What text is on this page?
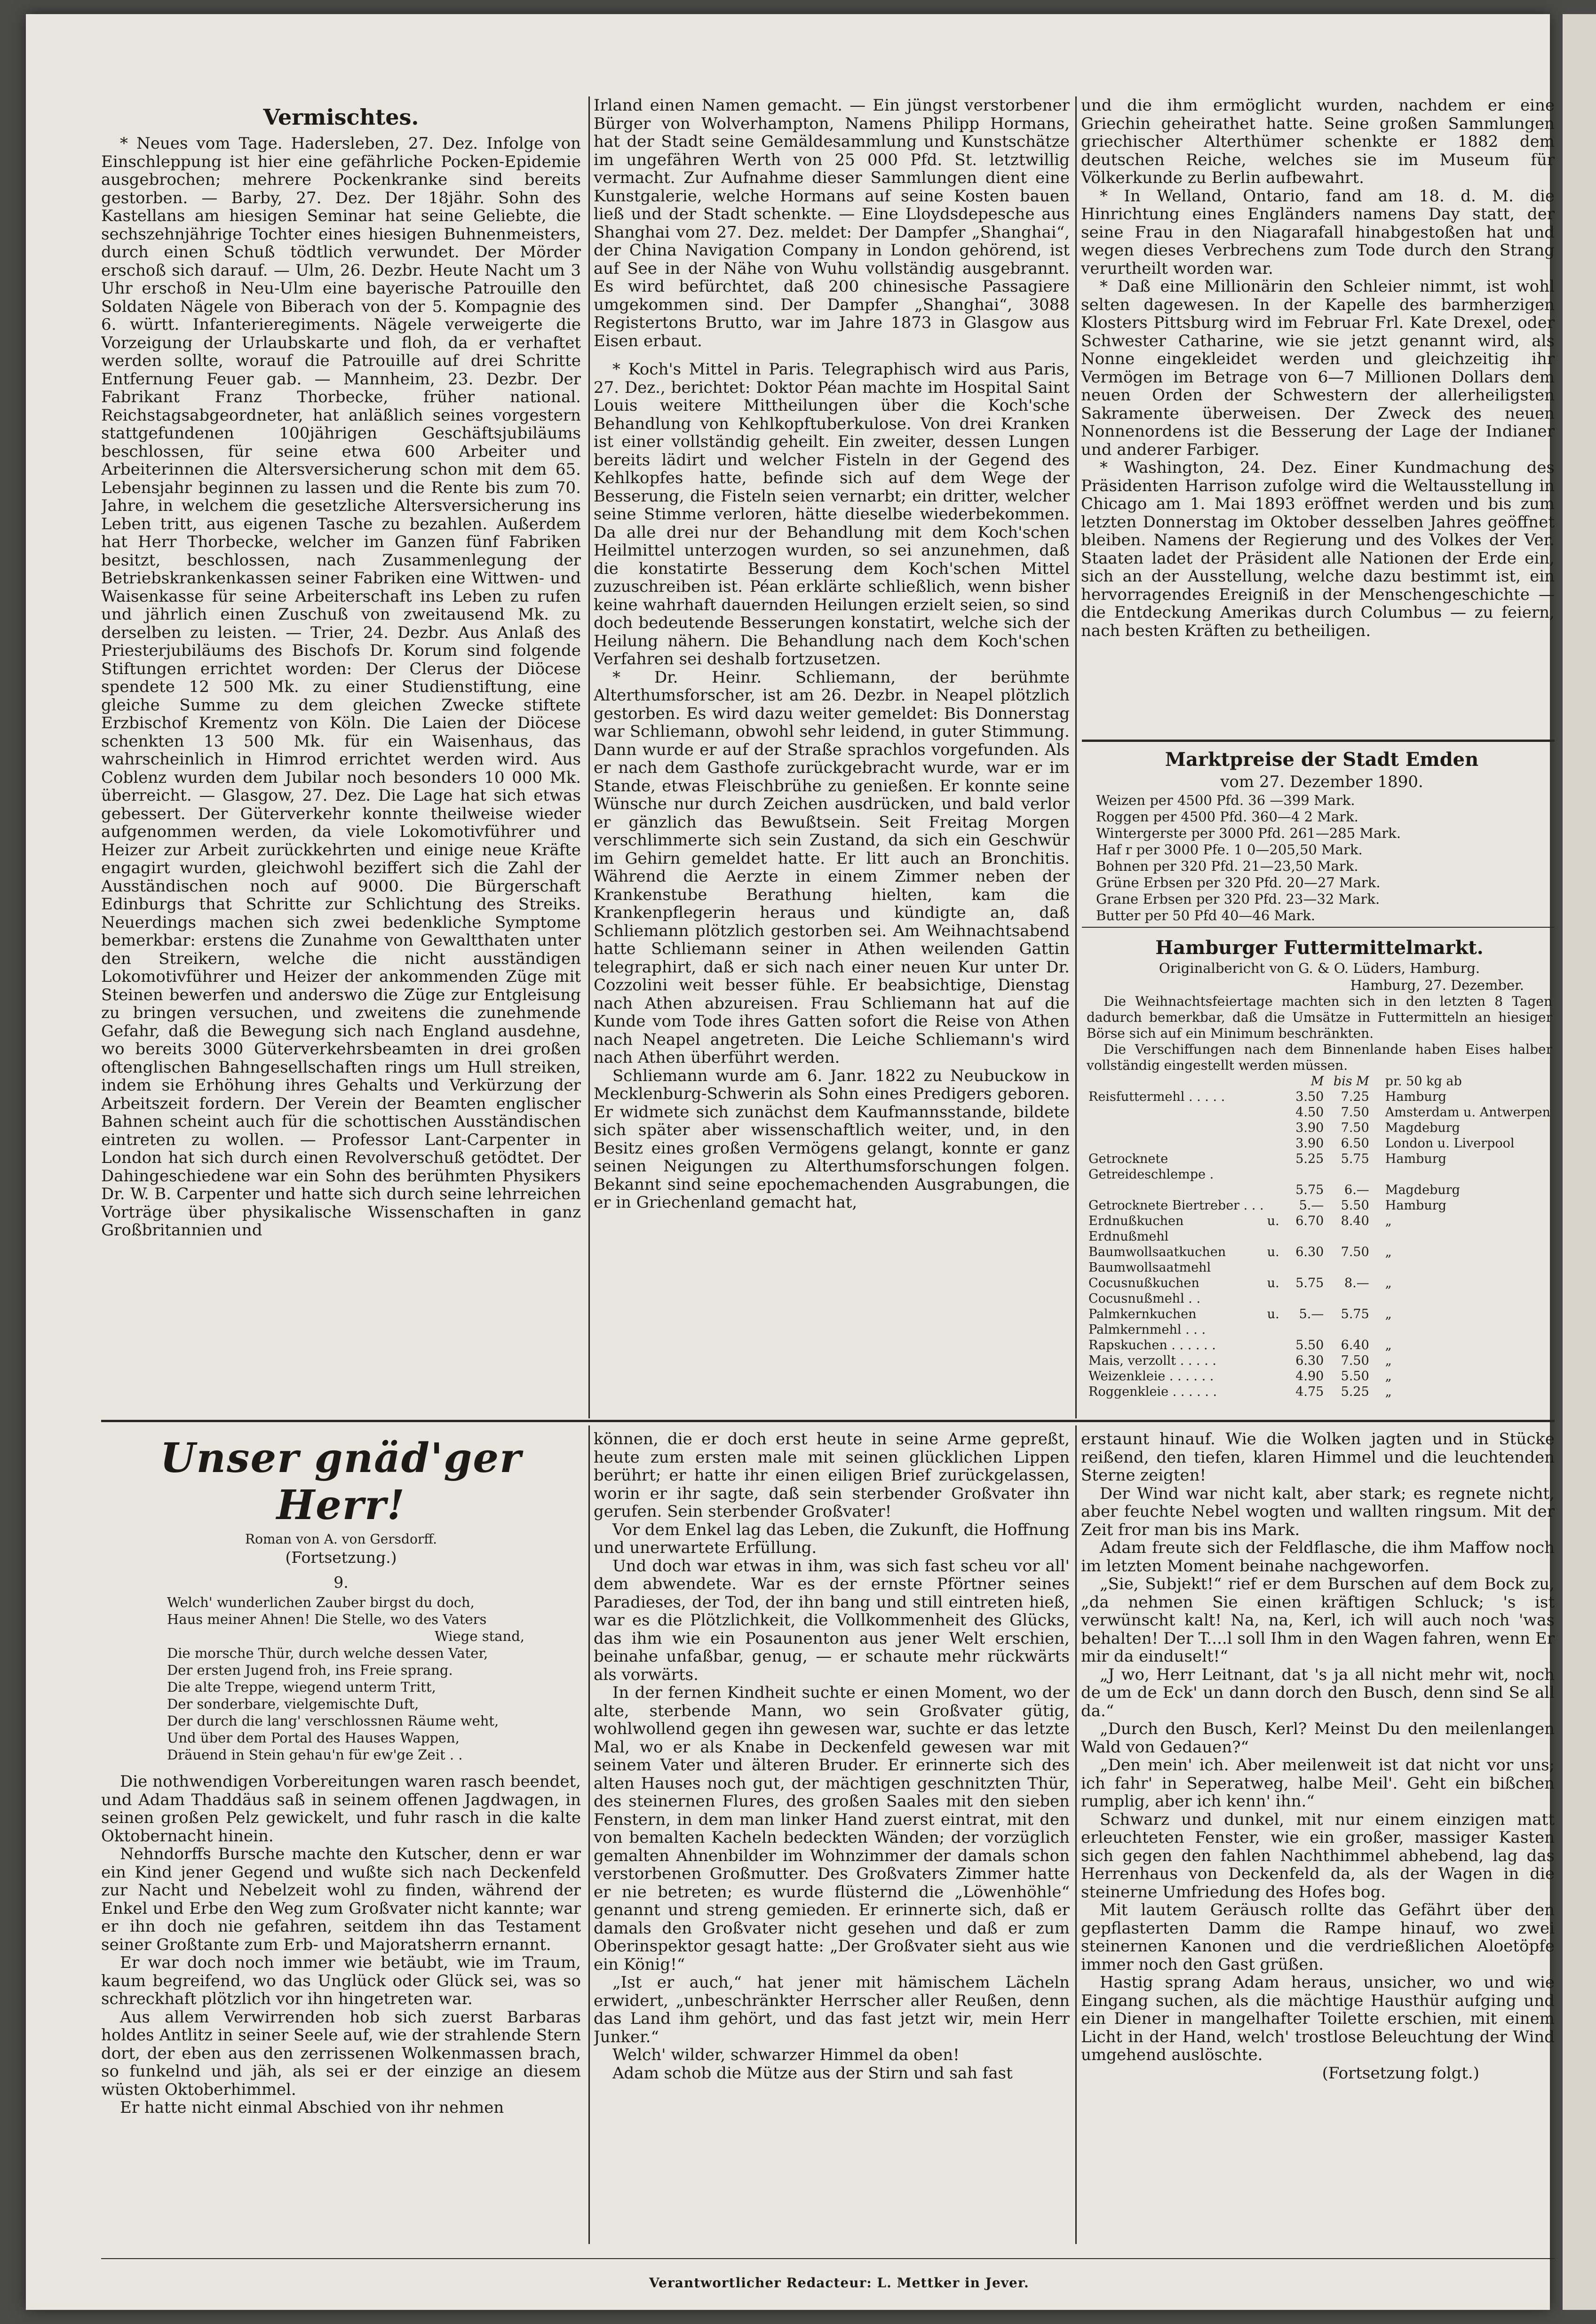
Vermischtes.

* Neues vom Tage. Hadersleben, 27. Dez. Infolge von Einschleppung ist hier eine gefährliche Pocken-Epidemie ausgebrochen; mehrere Pockenkranke sind bereits gestorben. — Barby, 27. Dez. Der 18jähr. Sohn des Kastellans am hiesigen Seminar hat seine Geliebte, die sechszehnjährige Tochter eines hiesigen Buhnenmeisters, durch einen Schuß tödtlich verwundet. Der Mörder erschoß sich darauf. — Ulm, 26. Dezbr. Heute Nacht um 3 Uhr erschoß in Neu-Ulm eine bayerische Patrouille den Soldaten Nägele von Biberach von der 5. Kompagnie des 6. württ. Infanterieregiments. Nägele verweigerte die Vorzeigung der Urlaubskarte und floh, da er verhaftet werden sollte, worauf die Patrouille auf drei Schritte Entfernung Feuer gab. — Mannheim, 23. Dezbr. Der Fabrikant Franz Thorbecke, früher national. Reichstagsabgeordneter, hat anläßlich seines vorgestern stattgefundenen 100jährigen Geschäftsjubiläums beschlossen, für seine etwa 600 Arbeiter und Arbeiterinnen die Altersversicherung schon mit dem 65. Lebensjahr beginnen zu lassen und die Rente bis zum 70. Jahre, in welchem die gesetzliche Altersversicherung ins Leben tritt, aus eigenen Tasche zu bezahlen. Außerdem hat Herr Thorbecke, welcher im Ganzen fünf Fabriken besitzt, beschlossen, nach Zusammenlegung der Betriebskrankenkassen seiner Fabriken eine Wittwen- und Waisenkasse für seine Arbeiterschaft ins Leben zu rufen und jährlich einen Zuschuß von zweitausend Mk. zu derselben zu leisten. — Trier, 24. Dezbr. Aus Anlaß des Priesterjubiläums des Bischofs Dr. Korum sind folgende Stiftungen errichtet worden: Der Clerus der Diöcese spendete 12 500 Mk. zu einer Studienstiftung, eine gleiche Summe zu dem gleichen Zwecke stiftete Erzbischof Krementz von Köln. Die Laien der Diöcese schenkten 13 500 Mk. für ein Waisenhaus, das wahrscheinlich in Himrod errichtet werden wird. Aus Coblenz wurden dem Jubilar noch besonders 10 000 Mk. überreicht. — Glasgow, 27. Dez. Die Lage hat sich etwas gebessert. Der Güterverkehr konnte theilweise wieder aufgenommen werden, da viele Lokomotivführer und Heizer zur Arbeit zurückkehrten und einige neue Kräfte engagirt wurden, gleichwohl beziffert sich die Zahl der Ausständischen noch auf 9000. Die Bürgerschaft Edinburgs that Schritte zur Schlichtung des Streiks. Neuerdings machen sich zwei bedenkliche Symptome bemerkbar: erstens die Zunahme von Gewaltthaten unter den Streikern, welche die nicht ausständigen Lokomotivführer und Heizer der ankommenden Züge mit Steinen bewerfen und anderswo die Züge zur Entgleisung zu bringen versuchen, und zweitens die zunehmende Gefahr, daß die Bewegung sich nach England ausdehne, wo bereits 3000 Güterverkehrsbeamten in drei großen oftenglischen Bahngesellschaften rings um Hull streiken, indem sie Erhöhung ihres Gehalts und Verkürzung der Arbeitszeit fordern. Der Verein der Beamten englischer Bahnen scheint auch für die schottischen Ausständischen eintreten zu wollen. — Professor Lant-Carpenter in London hat sich durch einen Revolverschuß getödtet. Der Dahingeschiedene war ein Sohn des berühmten Physikers Dr. W. B. Carpenter und hatte sich durch seine lehrreichen Vorträge über physikalische Wissenschaften in ganz Großbritannien und

Irland einen Namen gemacht. — Ein jüngst verstorbener Bürger von Wolverhampton, Namens Philipp Hormans, hat der Stadt seine Gemäldesammlung und Kunstschätze im ungefähren Werth von 25 000 Pfd. St. letztwillig vermacht. Zur Aufnahme dieser Sammlungen dient eine Kunstgalerie, welche Hormans auf seine Kosten bauen ließ und der Stadt schenkte. — Eine Lloydsdepesche aus Shanghai vom 27. Dez. meldet: Der Dampfer „Shanghai“, der China Navigation Company in London gehörend, ist auf See in der Nähe von Wuhu vollständig ausgebrannt. Es wird befürchtet, daß 200 chinesische Passagiere umgekommen sind. Der Dampfer „Shanghai“, 3088 Registertons Brutto, war im Jahre 1873 in Glasgow aus Eisen erbaut.

* Koch's Mittel in Paris. Telegraphisch wird aus Paris, 27. Dez., berichtet: Doktor Péan machte im Hospital Saint Louis weitere Mittheilungen über die Koch'sche Behandlung von Kehlkopftuberkulose. Von drei Kranken ist einer vollständig geheilt. Ein zweiter, dessen Lungen bereits lädirt und welcher Fisteln in der Gegend des Kehlkopfes hatte, befinde sich auf dem Wege der Besserung, die Fisteln seien vernarbt; ein dritter, welcher seine Stimme verloren, hätte dieselbe wiederbekommen. Da alle drei nur der Behandlung mit dem Koch'schen Heilmittel unterzogen wurden, so sei anzunehmen, daß die konstatirte Besserung dem Koch'schen Mittel zuzuschreiben ist. Péan erklärte schließlich, wenn bisher keine wahrhaft dauernden Heilungen erzielt seien, so sind doch bedeutende Besserungen konstatirt, welche sich der Heilung nähern. Die Behandlung nach dem Koch'schen Verfahren sei deshalb fortzusetzen.

* Dr. Heinr. Schliemann, der berühmte Alterthumsforscher, ist am 26. Dezbr. in Neapel plötzlich gestorben. Es wird dazu weiter gemeldet: Bis Donnerstag war Schliemann, obwohl sehr leidend, in guter Stimmung. Dann wurde er auf der Straße sprachlos vorgefunden. Als er nach dem Gasthofe zurückgebracht wurde, war er im Stande, etwas Fleischbrühe zu genießen. Er konnte seine Wünsche nur durch Zeichen ausdrücken, und bald verlor er gänzlich das Bewußtsein. Seit Freitag Morgen verschlimmerte sich sein Zustand, da sich ein Geschwür im Gehirn gemeldet hatte. Er litt auch an Bronchitis. Während die Aerzte in einem Zimmer neben der Krankenstube Berathung hielten, kam die Krankenpflegerin heraus und kündigte an, daß Schliemann plötzlich gestorben sei. Am Weihnachtsabend hatte Schliemann seiner in Athen weilenden Gattin telegraphirt, daß er sich nach einer neuen Kur unter Dr. Cozzolini weit besser fühle. Er beabsichtige, Dienstag nach Athen abzureisen. Frau Schliemann hat auf die Kunde vom Tode ihres Gatten sofort die Reise von Athen nach Neapel angetreten. Die Leiche Schliemann's wird nach Athen überführt werden.

Schliemann wurde am 6. Janr. 1822 zu Neubuckow in Mecklenburg-Schwerin als Sohn eines Predigers geboren. Er widmete sich zunächst dem Kaufmannsstande, bildete sich später aber wissenschaftlich weiter, und, in den Besitz eines großen Vermögens gelangt, konnte er ganz seinen Neigungen zu Alterthumsforschungen folgen. Bekannt sind seine epochemachenden Ausgrabungen, die er in Griechenland gemacht hat,

und die ihm ermöglicht wurden, nachdem er eine Griechin geheirathet hatte. Seine großen Sammlungen griechischer Alterthümer schenkte er 1882 dem deutschen Reiche, welches sie im Museum für Völkerkunde zu Berlin aufbewahrt.

* In Welland, Ontario, fand am 18. d. M. die Hinrichtung eines Engländers namens Day statt, der seine Frau in den Niagarafall hinabgestoßen hat und wegen dieses Verbrechens zum Tode durch den Strang verurtheilt worden war.

* Daß eine Millionärin den Schleier nimmt, ist wohl selten dagewesen. In der Kapelle des barmherzigen Klosters Pittsburg wird im Februar Frl. Kate Drexel, oder Schwester Catharine, wie sie jetzt genannt wird, als Nonne eingekleidet werden und gleichzeitig ihr Vermögen im Betrage von 6—7 Millionen Dollars dem neuen Orden der Schwestern der allerheiligsten Sakramente überweisen. Der Zweck des neuen Nonnenordens ist die Besserung der Lage der Indianer und anderer Farbiger.

* Washington, 24. Dez. Einer Kundmachung des Präsidenten Harrison zufolge wird die Weltausstellung in Chicago am 1. Mai 1893 eröffnet werden und bis zum letzten Donnerstag im Oktober desselben Jahres geöffnet bleiben. Namens der Regierung und des Volkes der Ver. Staaten ladet der Präsident alle Nationen der Erde ein, sich an der Ausstellung, welche dazu bestimmt ist, ein hervorragendes Ereigniß in der Menschengeschichte — die Entdeckung Amerikas durch Columbus — zu feiern, nach besten Kräften zu betheiligen.

Marktpreise der Stadt Emden
vom 27. Dezember 1890.
Weizen per 4500 Pfd. 36 —399 Mark.
Roggen per 4500 Pfd. 360—4 2 Mark.
Wintergerste per 3000 Pfd. 261—285 Mark.
Haf r per 3000 Pfe. 1 0—205,50 Mark.
Bohnen per 320 Pfd. 21—23,50 Mark.
Grüne Erbsen per 320 Pfd. 20—27 Mark.
Grane Erbsen per 320 Pfd. 23—32 Mark.
Butter per 50 Pfd 40—46 Mark.
Hamburger Futtermittelmarkt.
Originalbericht von G. & O. Lüders, Hamburg.
Hamburg, 27. Dezember.
Die Weihnachtsfeiertage machten sich in den letzten 8 Tagen dadurch bemerkbar, daß die Umsätze in Futtermitteln an hiesiger Börse sich auf ein Minimum beschränkten.
Die Verschiffungen nach dem Binnenlande haben Eises halber vollständig eingestellt werden müssen.
	M	bis M	pr. 50 kg ab
Reisfuttermehl . . . . .	3.50	7.25	Hamburg
	4.50	7.50	Amsterdam u. Antwerpen
	3.90	7.50	Magdeburg
	3.90	6.50	London u. Liverpool
Getrocknete Getreideschlempe .	5.25	5.75	Hamburg
	5.75	6.—	Magdeburg
Getrocknete Biertreber . . .	5.—	5.50	Hamburg
Erdnußkuchen u. Erdnußmehl	6.70	8.40	„
Baumwollsaatkuchen u. Baumwollsaatmehl	6.30	7.50	„
Cocusnußkuchen u. Cocusnußmehl . .	5.75	8.—	„
Palmkernkuchen u. Palmkernmehl . . .	5.—	5.75	„
Rapskuchen . . . . . .	5.50	6.40	„
Mais, verzollt . . . . .	6.30	7.50	„
Weizenkleie . . . . . .	4.90	5.50	„
Roggenkleie . . . . . .	4.75	5.25	„
Unser gnäd'ger Herr!
Roman von A. von Gersdorff.
(Fortsetzung.)
9.
Welch' wunderlichen Zauber birgst du doch,
Haus meiner Ahnen! Die Stelle, wo des Vaters
Wiege stand,
Die morsche Thür, durch welche dessen Vater,
Der ersten Jugend froh, ins Freie sprang.
Die alte Treppe, wiegend unterm Tritt,
Der sonderbare, vielgemischte Duft,
Der durch die lang' verschlossnen Räume weht,
Und über dem Portal des Hauses Wappen,
Dräuend in Stein gehau'n für ew'ge Zeit . .

Die nothwendigen Vorbereitungen waren rasch beendet, und Adam Thaddäus saß in seinem offenen Jagdwagen, in seinen großen Pelz gewickelt, und fuhr rasch in die kalte Oktobernacht hinein.

Nehndorffs Bursche machte den Kutscher, denn er war ein Kind jener Gegend und wußte sich nach Deckenfeld zur Nacht und Nebelzeit wohl zu finden, während der Enkel und Erbe den Weg zum Großvater nicht kannte; war er ihn doch nie gefahren, seitdem ihn das Testament seiner Großtante zum Erb- und Majoratsherrn ernannt.

Er war doch noch immer wie betäubt, wie im Traum, kaum begreifend, wo das Unglück oder Glück sei, was so schreckhaft plötzlich vor ihn hingetreten war.

Aus allem Verwirrenden hob sich zuerst Barbaras holdes Antlitz in seiner Seele auf, wie der strahlende Stern dort, der eben aus den zerrissenen Wolkenmassen brach, so funkelnd und jäh, als sei er der einzige an diesem wüsten Oktoberhimmel.

Er hatte nicht einmal Abschied von ihr nehmen

können, die er doch erst heute in seine Arme gepreßt, heute zum ersten male mit seinen glücklichen Lippen berührt; er hatte ihr einen eiligen Brief zurückgelassen, worin er ihr sagte, daß sein sterbender Großvater ihn gerufen. Sein sterbender Großvater!

Vor dem Enkel lag das Leben, die Zukunft, die Hoffnung und unerwartete Erfüllung.

Und doch war etwas in ihm, was sich fast scheu vor all' dem abwendete. War es der ernste Pförtner seines Paradieses, der Tod, der ihn bang und still eintreten hieß, war es die Plötzlichkeit, die Vollkommenheit des Glücks, das ihm wie ein Posaunenton aus jener Welt erschien, beinahe unfaßbar, genug, — er schaute mehr rückwärts als vorwärts.

In der fernen Kindheit suchte er einen Moment, wo der alte, sterbende Mann, wo sein Großvater gütig, wohlwollend gegen ihn gewesen war, suchte er das letzte Mal, wo er als Knabe in Deckenfeld gewesen war mit seinem Vater und älteren Bruder. Er erinnerte sich des alten Hauses noch gut, der mächtigen geschnitzten Thür, des steinernen Flures, des großen Saales mit den sieben Fenstern, in dem man linker Hand zuerst eintrat, mit den von bemalten Kacheln bedeckten Wänden; der vorzüglich gemalten Ahnenbilder im Wohnzimmer der damals schon verstorbenen Großmutter. Des Großvaters Zimmer hatte er nie betreten; es wurde flüsternd die „Löwenhöhle“ genannt und streng gemieden. Er erinnerte sich, daß er damals den Großvater nicht gesehen und daß er zum Oberinspektor gesagt hatte: „Der Großvater sieht aus wie ein König!“

„Ist er auch,“ hat jener mit hämischem Lächeln erwidert, „unbeschränkter Herrscher aller Reußen, denn das Land ihm gehört, und das fast jetzt wir, mein Herr Junker.“

Welch' wilder, schwarzer Himmel da oben!

Adam schob die Mütze aus der Stirn und sah fast

erstaunt hinauf. Wie die Wolken jagten und in Stücke reißend, den tiefen, klaren Himmel und die leuchtenden Sterne zeigten!

Der Wind war nicht kalt, aber stark; es regnete nicht, aber feuchte Nebel wogten und wallten ringsum. Mit der Zeit fror man bis ins Mark.

Adam freute sich der Feldflasche, die ihm Maffow noch im letzten Moment beinahe nachgeworfen.

„Sie, Subjekt!“ rief er dem Burschen auf dem Bock zu, „da nehmen Sie einen kräftigen Schluck; 's ist verwünscht kalt! Na, na, Kerl, ich will auch noch 'was behalten! Der T....l soll Ihm in den Wagen fahren, wenn Er mir da einduselt!“

„J wo, Herr Leitnant, dat 's ja all nicht mehr wit, noch de um de Eck' un dann dorch den Busch, denn sind Se all da.“

„Durch den Busch, Kerl? Meinst Du den meilenlangen Wald von Gedauen?“

„Den mein' ich. Aber meilenweit ist dat nicht vor uns; ich fahr' in Seperatweg, halbe Meil'. Geht ein bißchen rumplig, aber ich kenn' ihn.“

Schwarz und dunkel, mit nur einem einzigen matt erleuchteten Fenster, wie ein großer, massiger Kasten sich gegen den fahlen Nachthimmel abhebend, lag das Herrenhaus von Deckenfeld da, als der Wagen in die steinerne Umfriedung des Hofes bog.

Mit lautem Geräusch rollte das Gefährt über den gepflasterten Damm die Rampe hinauf, wo zwei steinernen Kanonen und die verdrießlichen Aloetöpfe immer noch den Gast grüßen.

Hastig sprang Adam heraus, unsicher, wo und wie Eingang suchen, als die mächtige Hausthür aufging und ein Diener in mangelhafter Toilette erschien, mit einem Licht in der Hand, welch' trostlose Beleuchtung der Wind umgehend auslöschte.

(Fortsetzung folgt.)
Verantwortlicher Redacteur: L. Mettker in Jever.
